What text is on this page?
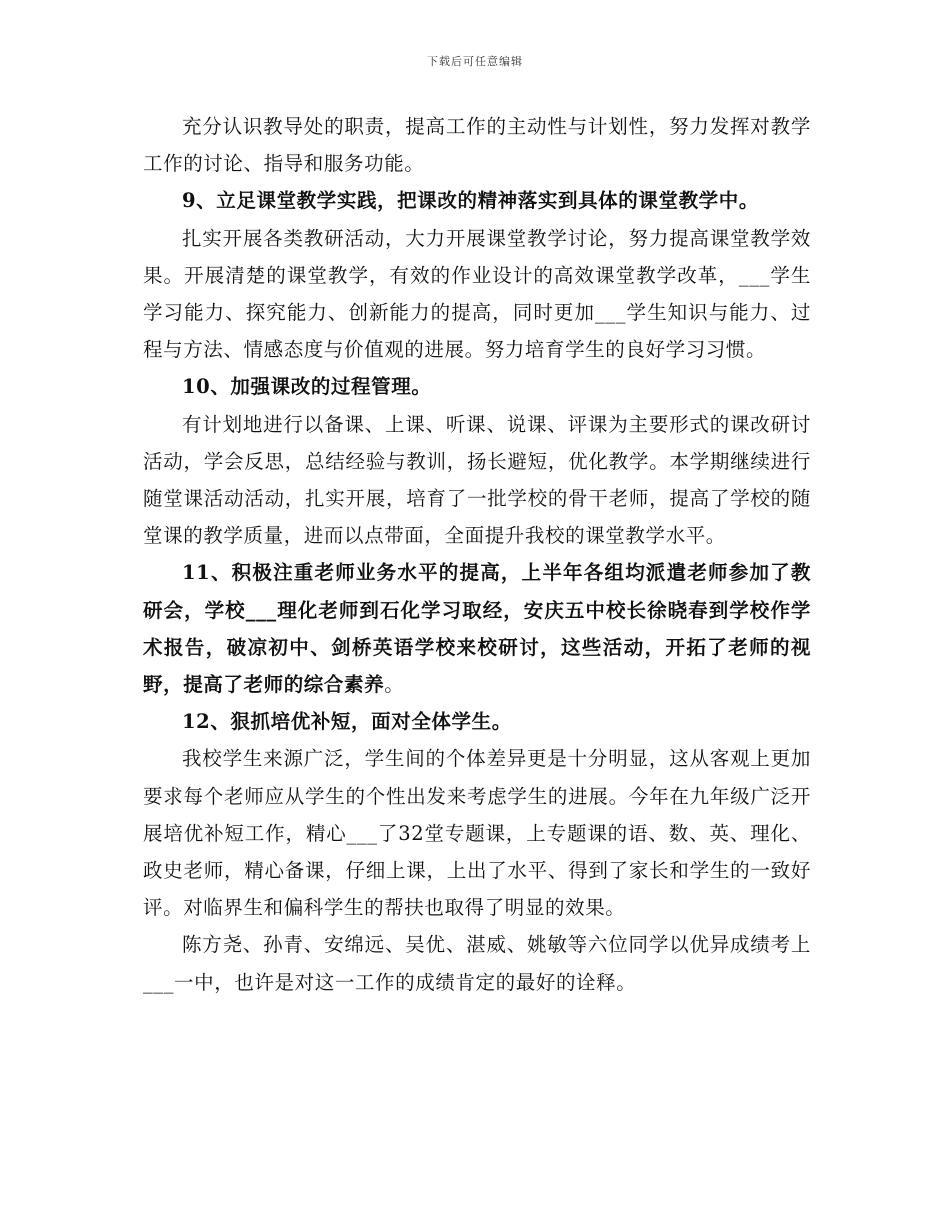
下载后可任意编辑

充分认识教导处的职责，提高工作的主动性与计划性，努力发挥对教学工作的讨论、指导和服务功能。

9、立足课堂教学实践，把课改的精神落实到具体的课堂教学中。

扎实开展各类教研活动，大力开展课堂教学讨论，努力提高课堂教学效果。开展清楚的课堂教学，有效的作业设计的高效课堂教学改革，___学生学习能力、探究能力、创新能力的提高，同时更加___学生知识与能力、过程与方法、情感态度与价值观的进展。努力培育学生的良好学习习惯。

10、加强课改的过程管理。

有计划地进行以备课、上课、听课、说课、评课为主要形式的课改研讨活动，学会反思，总结经验与教训，扬长避短，优化教学。本学期继续进行随堂课活动活动，扎实开展，培育了一批学校的骨干老师，提高了学校的随堂课的教学质量，进而以点带面，全面提升我校的课堂教学水平。

11、积极注重老师业务水平的提高，上半年各组均派遣老师参加了教研会，学校___理化老师到石化学习取经，安庆五中校长徐晓春到学校作学术报告，破凉初中、剑桥英语学校来校研讨，这些活动，开拓了老师的视野，提高了老师的综合素养。

12、狠抓培优补短，面对全体学生。

我校学生来源广泛，学生间的个体差异更是十分明显，这从客观上更加要求每个老师应从学生的个性出发来考虑学生的进展。今年在九年级广泛开展培优补短工作，精心___了32堂专题课，上专题课的语、数、英、理化、政史老师，精心备课，仔细上课，上出了水平、得到了家长和学生的一致好评。对临界生和偏科学生的帮扶也取得了明显的效果。

陈方尧、孙青、安绵远、吴优、湛威、姚敏等六位同学以优异成绩考上___一中，也许是对这一工作的成绩肯定的最好的诠释。
